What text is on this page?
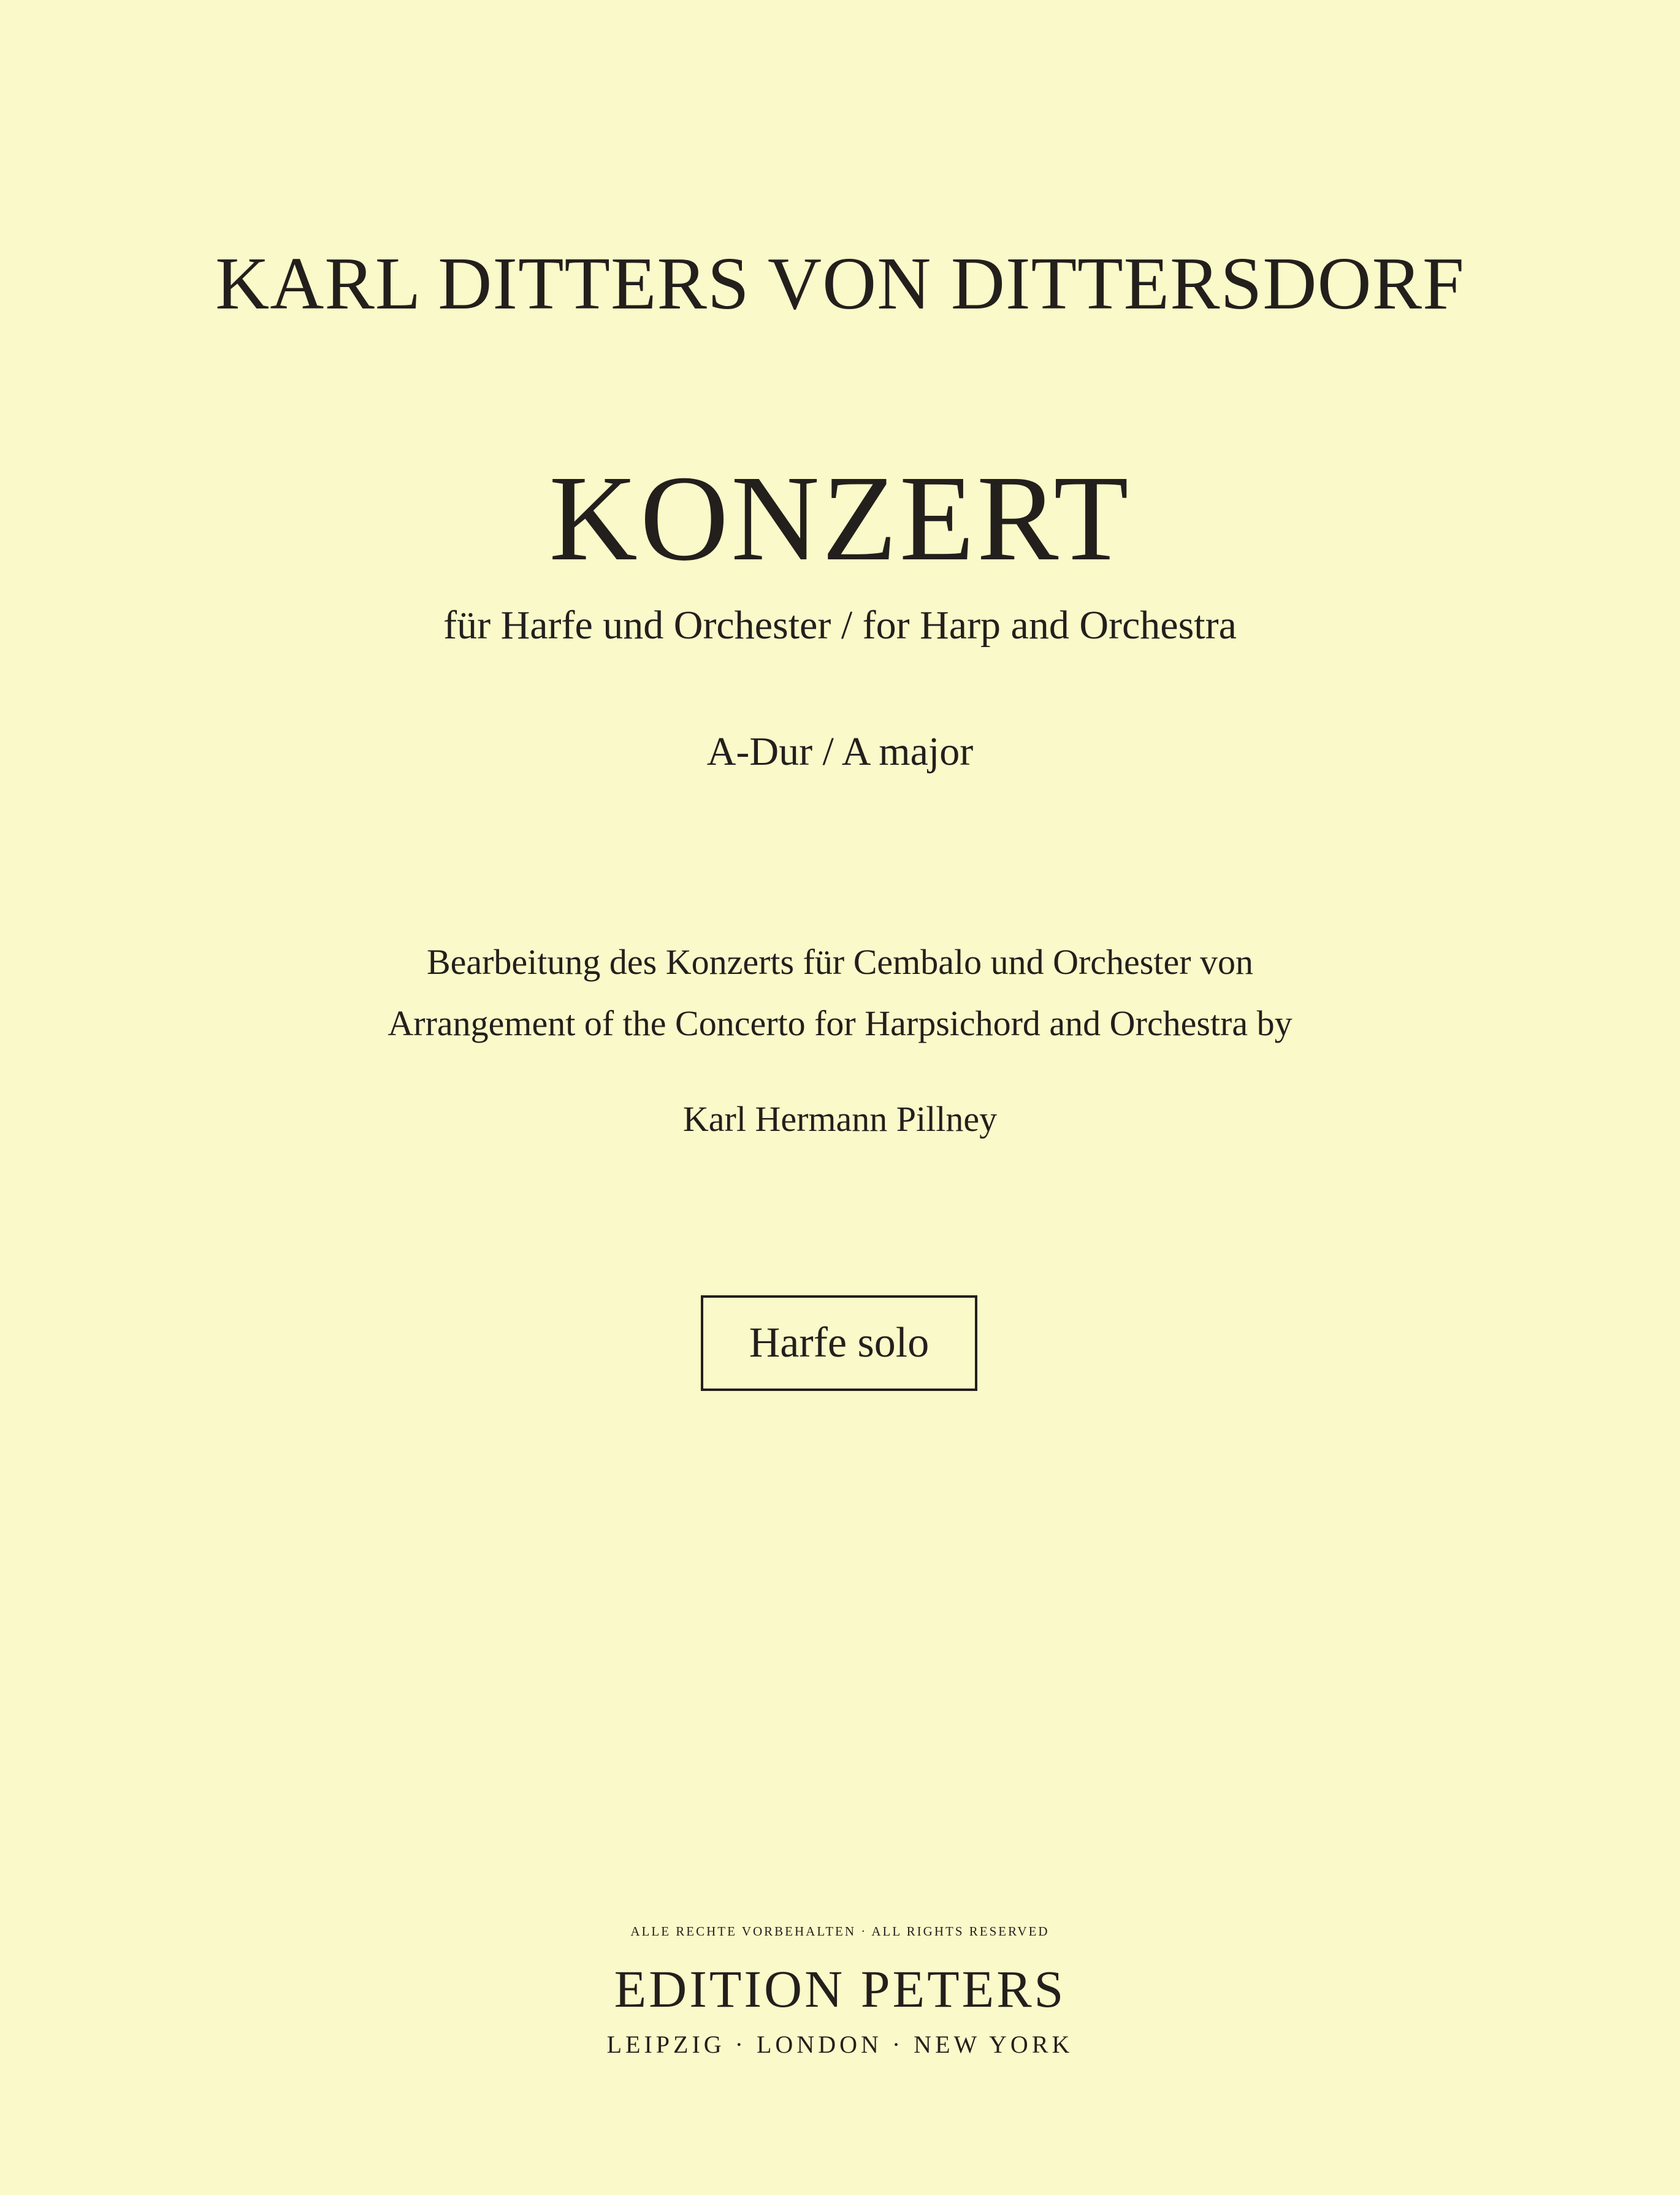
KARL DITTERS VON DITTERSDORF
KONZERT
für Harfe und Orchester / for Harp and Orchestra
A-Dur / A major
Bearbeitung des Konzerts für Cembalo und Orchester von
Arrangement of the Concerto for Harpsichord and Orchestra by
Karl Hermann Pillney
Harfe solo
ALLE RECHTE VORBEHALTEN · ALL RIGHTS RESERVED
EDITION PETERS
LEIPZIG · LONDON · NEW YORK
